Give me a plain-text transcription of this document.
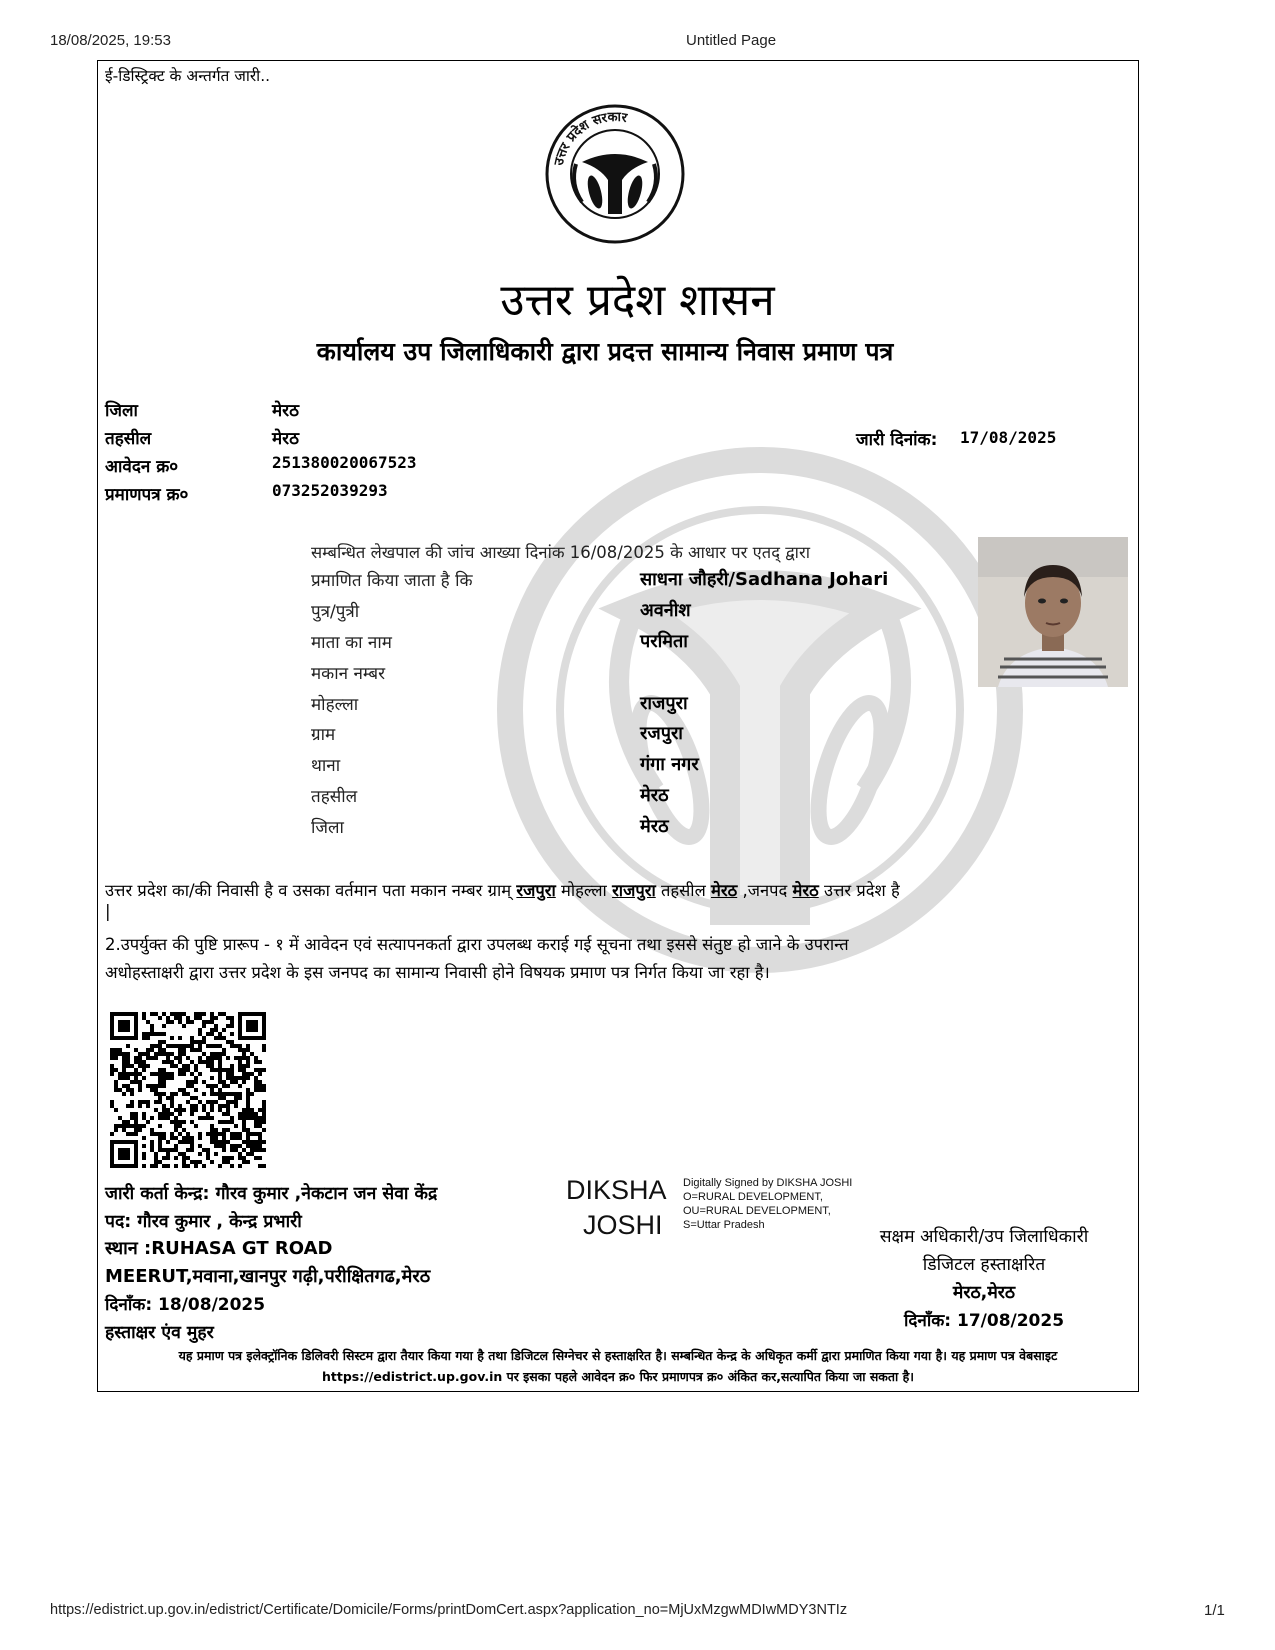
18/08/2025, 19:53	Untitled Page
ई-डिस्ट्रिक्ट के अन्तर्गत जारी..
उत्तर प्रदेश सरकार
उत्तर प्रदेश शासन
कार्यालय उप जिलाधिकारी द्वारा प्रदत्त सामान्य निवास प्रमाण पत्र
जिला	मेरठ
तहसील	मेरठ
आवेदन क्र०	251380020067523
प्रमाणपत्र क्र०	073252039293
जारी दिनांक: 17/08/2025
सम्बन्धित लेखपाल की जांच आख्या दिनांक 16/08/2025 के आधार पर एतद् द्वारा
प्रमाणित किया जाता है कि	साधना जौहरी/Sadhana Johari
पुत्र/पुत्री	अवनीश
माता का नाम	परमिता
मकान नम्बर
मोहल्ला	राजपुरा
ग्राम	रजपुरा
थाना	गंगा नगर
तहसील	मेरठ
जिला	मेरठ
उत्तर प्रदेश का/की निवासी है व उसका वर्तमान पता मकान नम्बर ग्राम् रजपुरा मोहल्ला राजपुरा तहसील मेरठ ,जनपद मेरठ उत्तर प्रदेश है
|
2.उपर्युक्त की पुष्टि प्रारूप - १ में आवेदन एवं सत्यापनकर्ता द्वारा उपलब्ध कराई गई सूचना तथा इससे संतुष्ट हो जाने के उपरान्त
अधोहस्ताक्षरी द्वारा उत्तर प्रदेश के इस जनपद का सामान्य निवासी होने विषयक प्रमाण पत्र निर्गत किया जा रहा है।
जारी कर्ता केन्द्र: गौरव कुमार ,नेकटान जन सेवा केंद्र
पद: गौरव कुमार , केन्द्र प्रभारी
स्थान :RUHASA GT ROAD
MEERUT,मवाना,खानपुर गढ़ी,परीक्षितगढ,मेरठ
दिनाँक: 18/08/2025
हस्ताक्षर एंव मुहर
DIKSHA
JOSHI
Digitally Signed by DIKSHA JOSHI O=RURAL DEVELOPMENT, OU=RURAL DEVELOPMENT, S=Uttar Pradesh
सक्षम अधिकारी/उप जिलाधिकारी
डिजिटल हस्ताक्षरित
मेरठ,मेरठ
दिनाँक: 17/08/2025
यह प्रमाण पत्र इलेक्ट्रॉनिक डिलिवरी सिस्टम द्वारा तैयार किया गया है तथा डिजिटल सिग्नेचर से हस्ताक्षरित है। सम्बन्धित केन्द्र के अधिकृत कर्मी द्वारा प्रमाणित किया गया है। यह प्रमाण पत्र वेबसाइट https://edistrict.up.gov.in पर इसका पहले आवेदन क्र० फिर प्रमाणपत्र क्र० अंकित कर,सत्यापित किया जा सकता है।
https://edistrict.up.gov.in/edistrict/Certificate/Domicile/Forms/printDomCert.aspx?application_no=MjUxMzgwMDIwMDY3NTIz	1/1
